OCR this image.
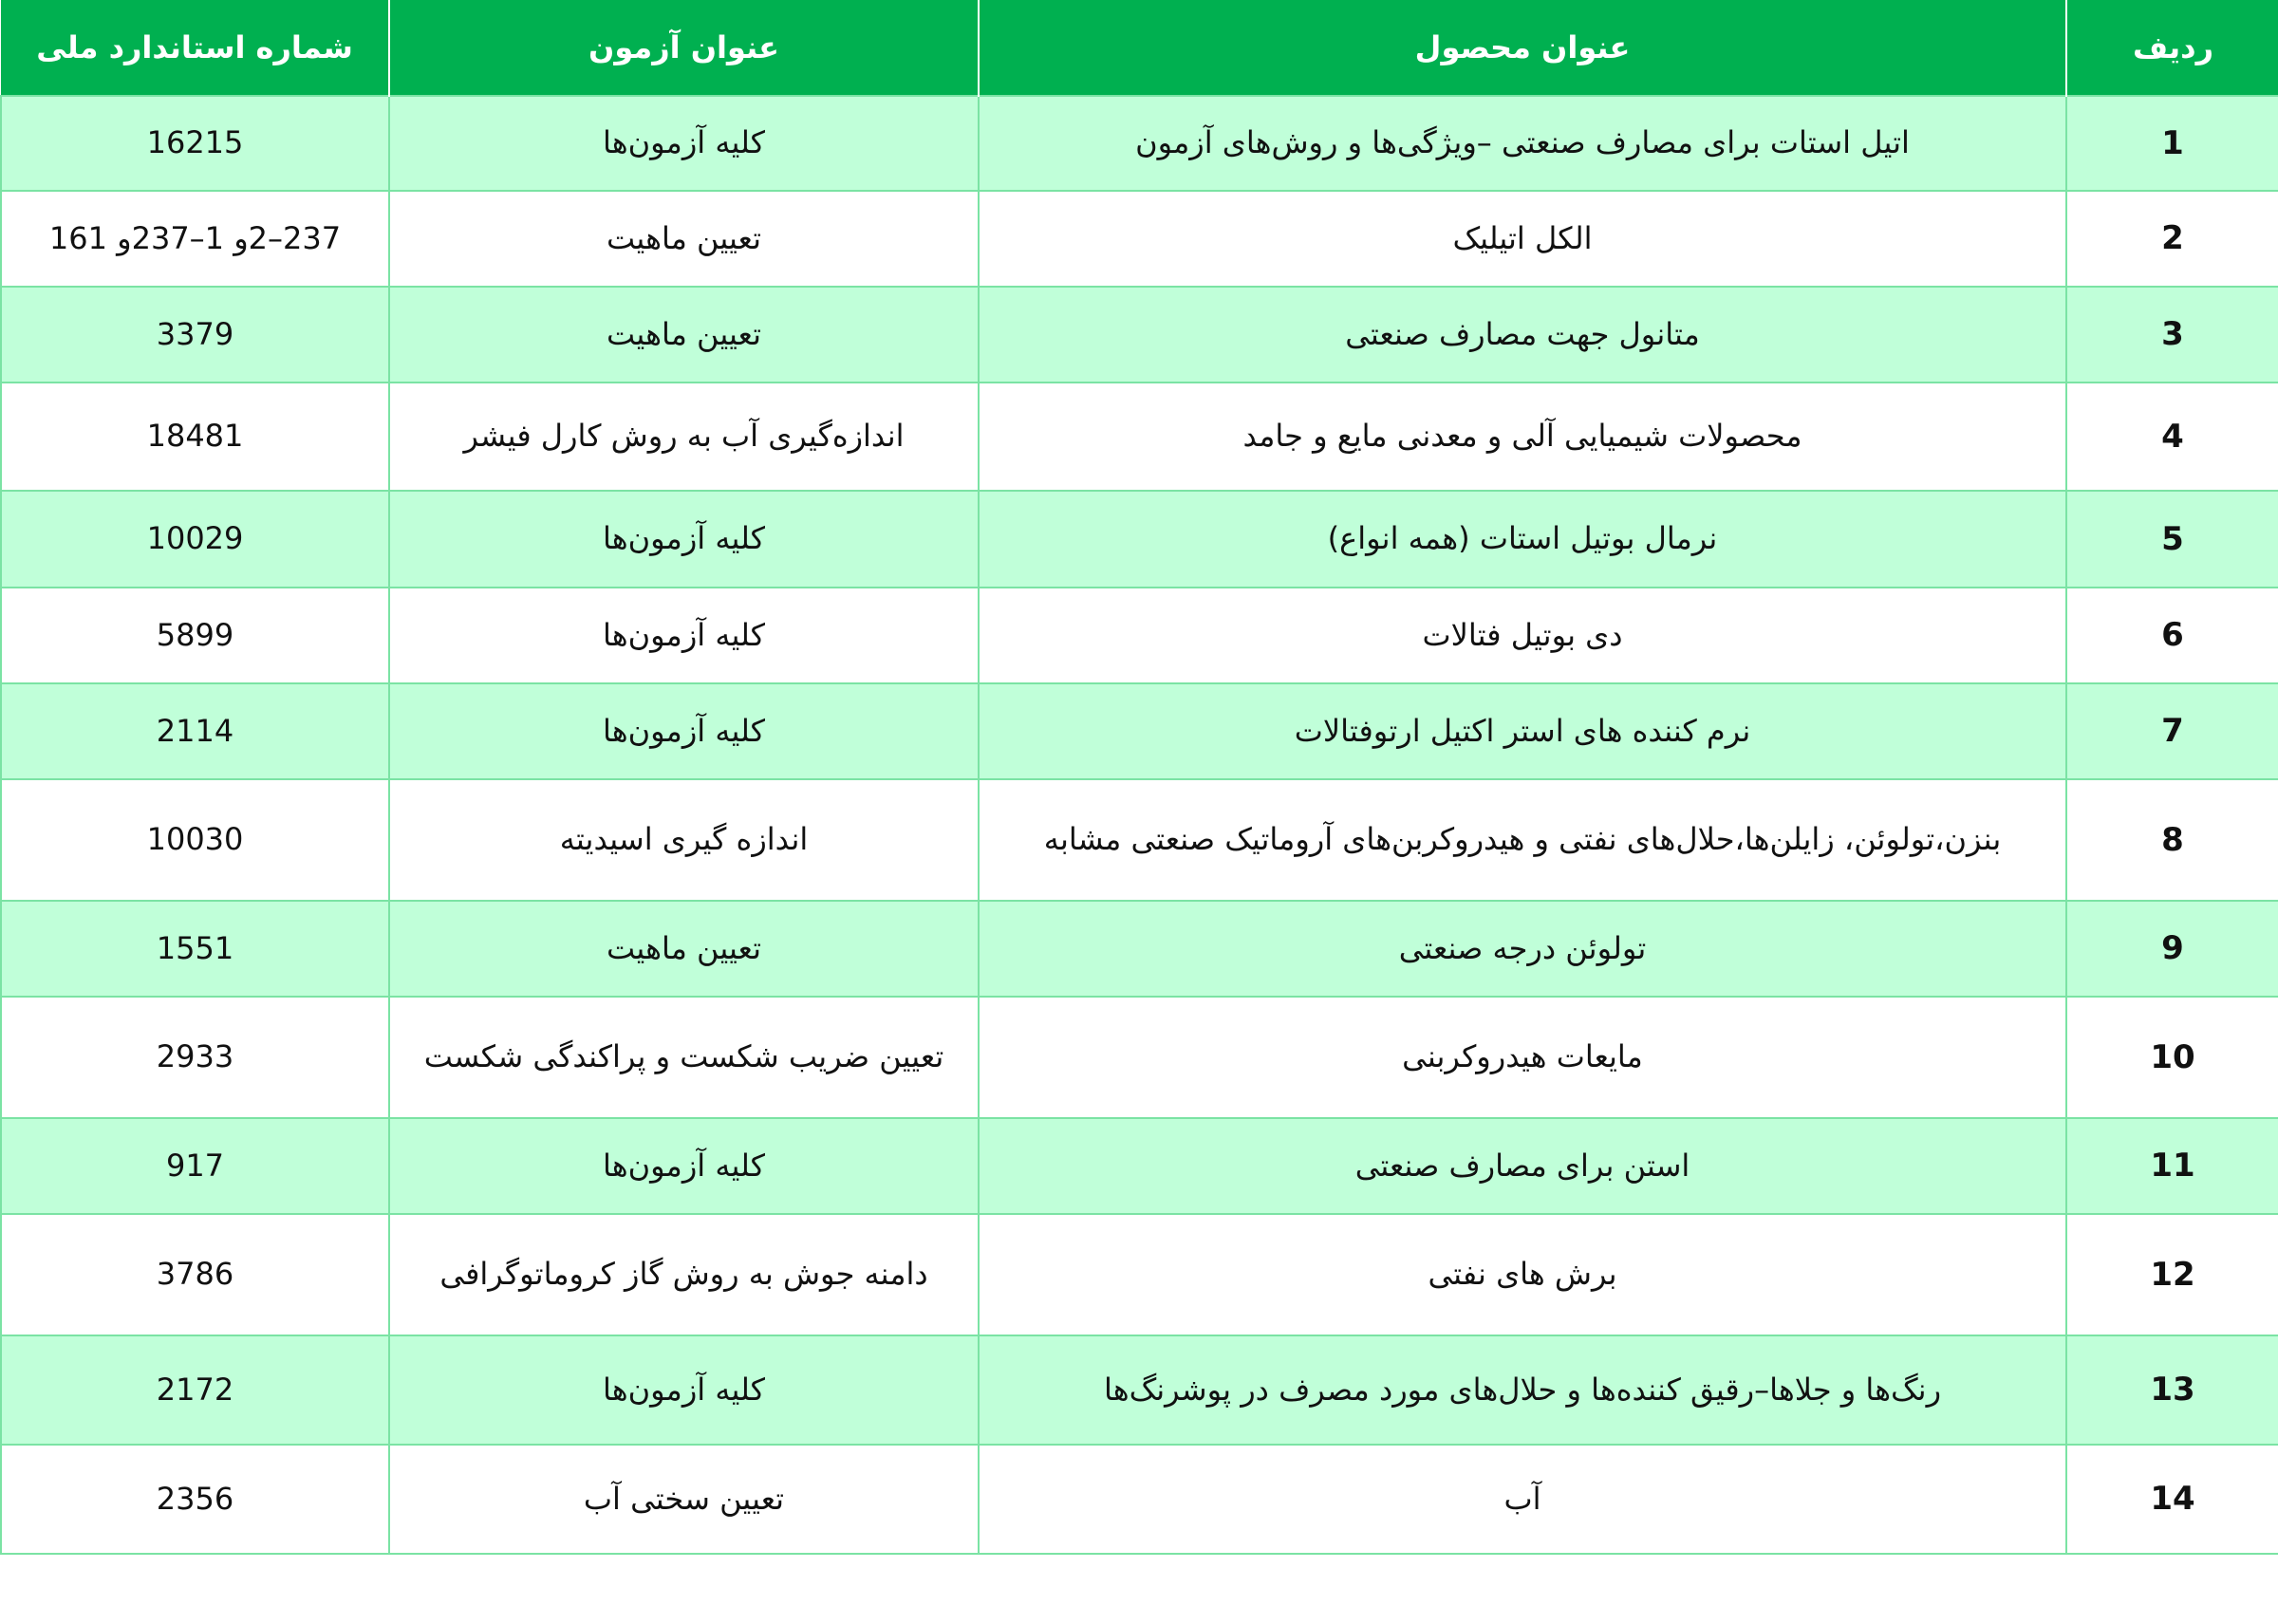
ردیف	عنوان محصول	عنوان آزمون	شماره استاندارد ملی
1	اتیل استات برای مصارف صنعتی –ویژگی‌ها و روش‌های آزمون	کلیه آزمون‌ها	16215
2	الکل اتیلیک	تعیین ماهیت	237–2و 1–237و 161
3	متانول جهت مصارف صنعتی	تعیین ماهیت	3379
4	محصولات شیمیایی آلی و معدنی مایع و جامد	اندازه‌گیری آب به روش کارل فیشر	18481
5	نرمال بوتیل استات (همه انواع)	کلیه آزمون‌ها	10029
6	دی بوتیل فتالات	کلیه آزمون‌ها	5899
7	نرم کننده های استر اکتیل ارتوفتالات	کلیه آزمون‌ها	2114
8	بنزن،تولوئن، زایلن‌ها،حلال‌های نفتی و هیدروکربن‌های آروماتیک صنعتی مشابه	اندازه گیری اسیدیته	10030
9	تولوئن درجه صنعتی	تعیین ماهیت	1551
10	مایعات هیدروکربنی	تعیین ضریب شکست و پراکندگی شکست	2933
11	استن برای مصارف صنعتی	کلیه آزمون‌ها	917
12	برش های نفتی	دامنه جوش به روش گاز کروماتوگرافی	3786
13	رنگ‌ها و جلاها–رقیق کننده‌ها و حلال‌های مورد مصرف در پوشرنگ‌ها	کلیه آزمون‌ها	2172
14	آب	تعیین سختی آب	2356
